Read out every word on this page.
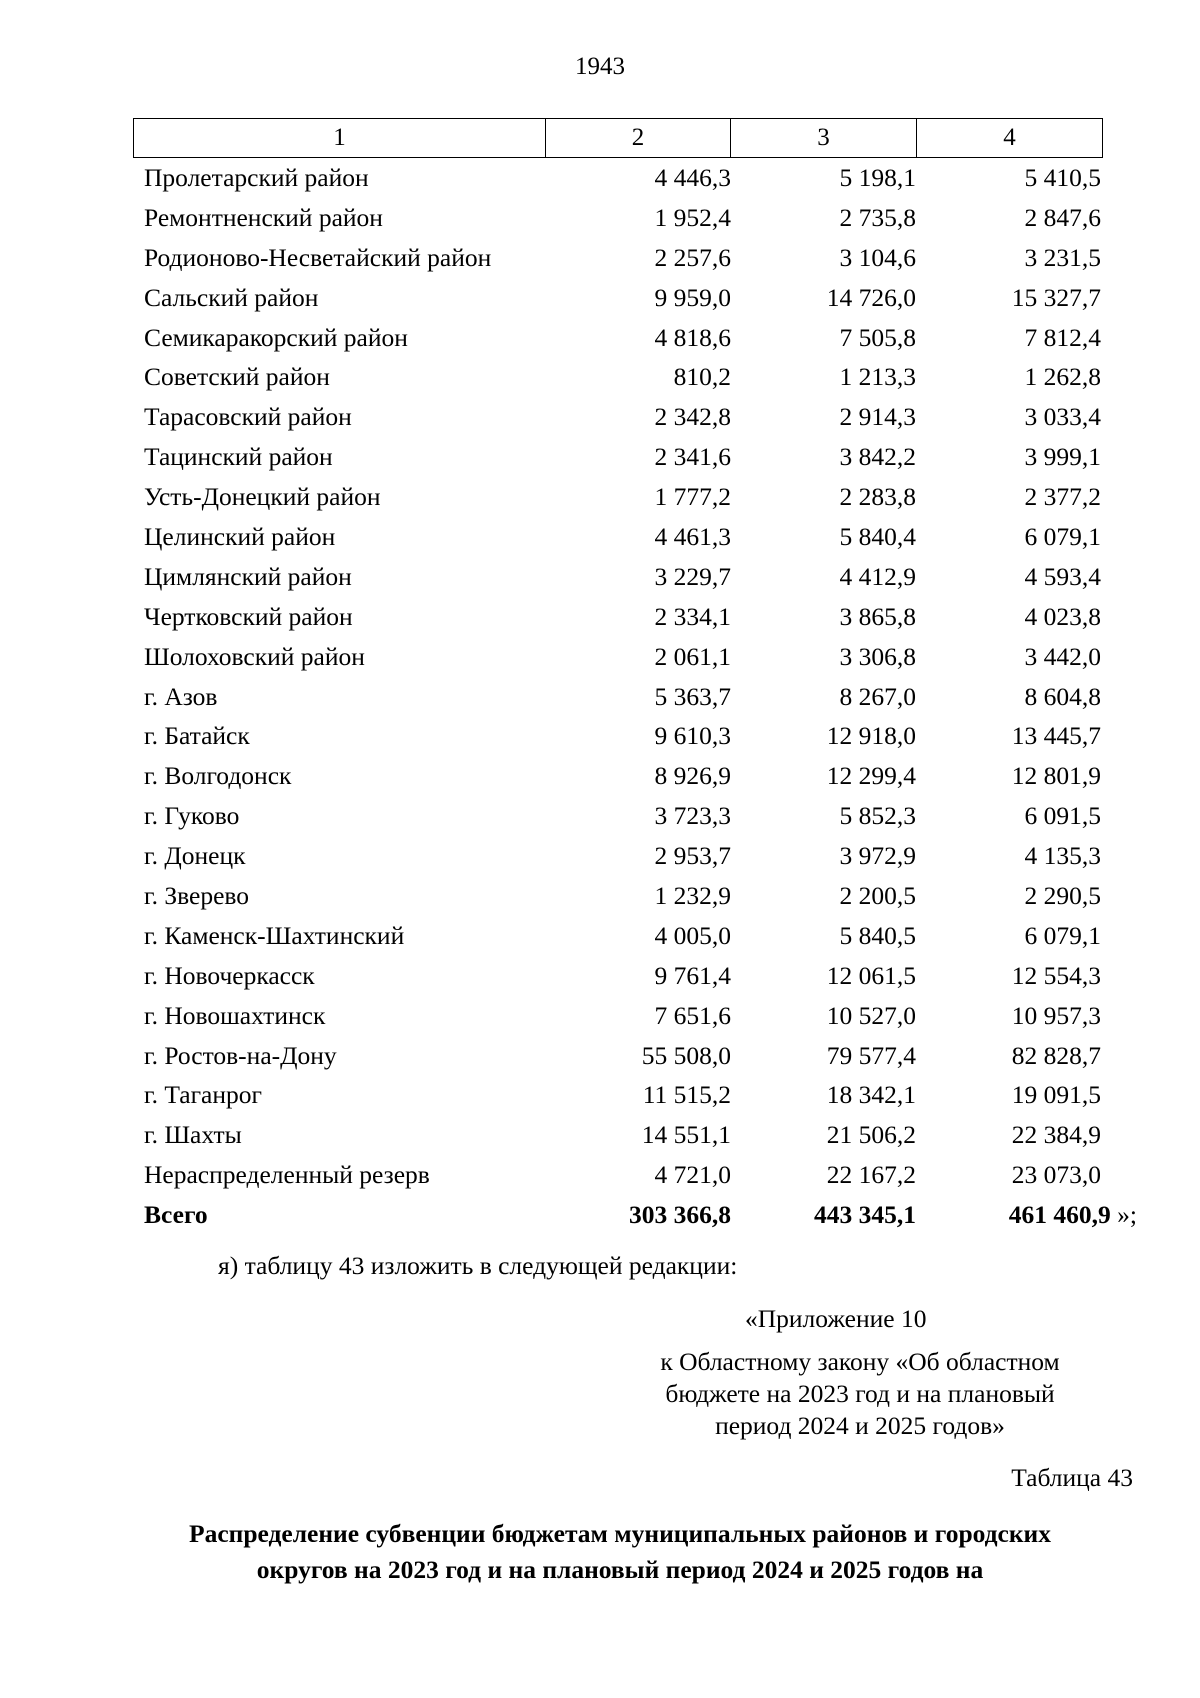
1943
1	2	3	4
Пролетарский район	4 446,3	5 198,1	5 410,5
Ремонтненский район	1 952,4	2 735,8	2 847,6
Родионово-Несветайский район	2 257,6	3 104,6	3 231,5
Сальский район	9 959,0	14 726,0	15 327,7
Семикаракорский район	4 818,6	7 505,8	7 812,4
Советский район	810,2	1 213,3	1 262,8
Тарасовский район	2 342,8	2 914,3	3 033,4
Тацинский район	2 341,6	3 842,2	3 999,1
Усть-Донецкий район	1 777,2	2 283,8	2 377,2
Целинский район	4 461,3	5 840,4	6 079,1
Цимлянский район	3 229,7	4 412,9	4 593,4
Чертковский район	2 334,1	3 865,8	4 023,8
Шолоховский район	2 061,1	3 306,8	3 442,0
г. Азов	5 363,7	8 267,0	8 604,8
г. Батайск	9 610,3	12 918,0	13 445,7
г. Волгодонск	8 926,9	12 299,4	12 801,9
г. Гуково	3 723,3	5 852,3	6 091,5
г. Донецк	2 953,7	3 972,9	4 135,3
г. Зверево	1 232,9	2 200,5	2 290,5
г. Каменск-Шахтинский	4 005,0	5 840,5	6 079,1
г. Новочеркасск	9 761,4	12 061,5	12 554,3
г. Новошахтинск	7 651,6	10 527,0	10 957,3
г. Ростов-на-Дону	55 508,0	79 577,4	82 828,7
г. Таганрог	11 515,2	18 342,1	19 091,5
г. Шахты	14 551,1	21 506,2	22 384,9
Нераспределенный резерв	4 721,0	22 167,2	23 073,0
Всего	303 366,8	443 345,1	461 460,9 »;
я) таблицу 43 изложить в следующей редакции:
«Приложение 10
к Областному закону «Об областном
бюджете на 2023 год и на плановый
период 2024 и 2025 годов»
Таблица 43
Распределение субвенции бюджетам муниципальных районов и городских
округов на 2023 год и на плановый период 2024 и 2025 годов на
